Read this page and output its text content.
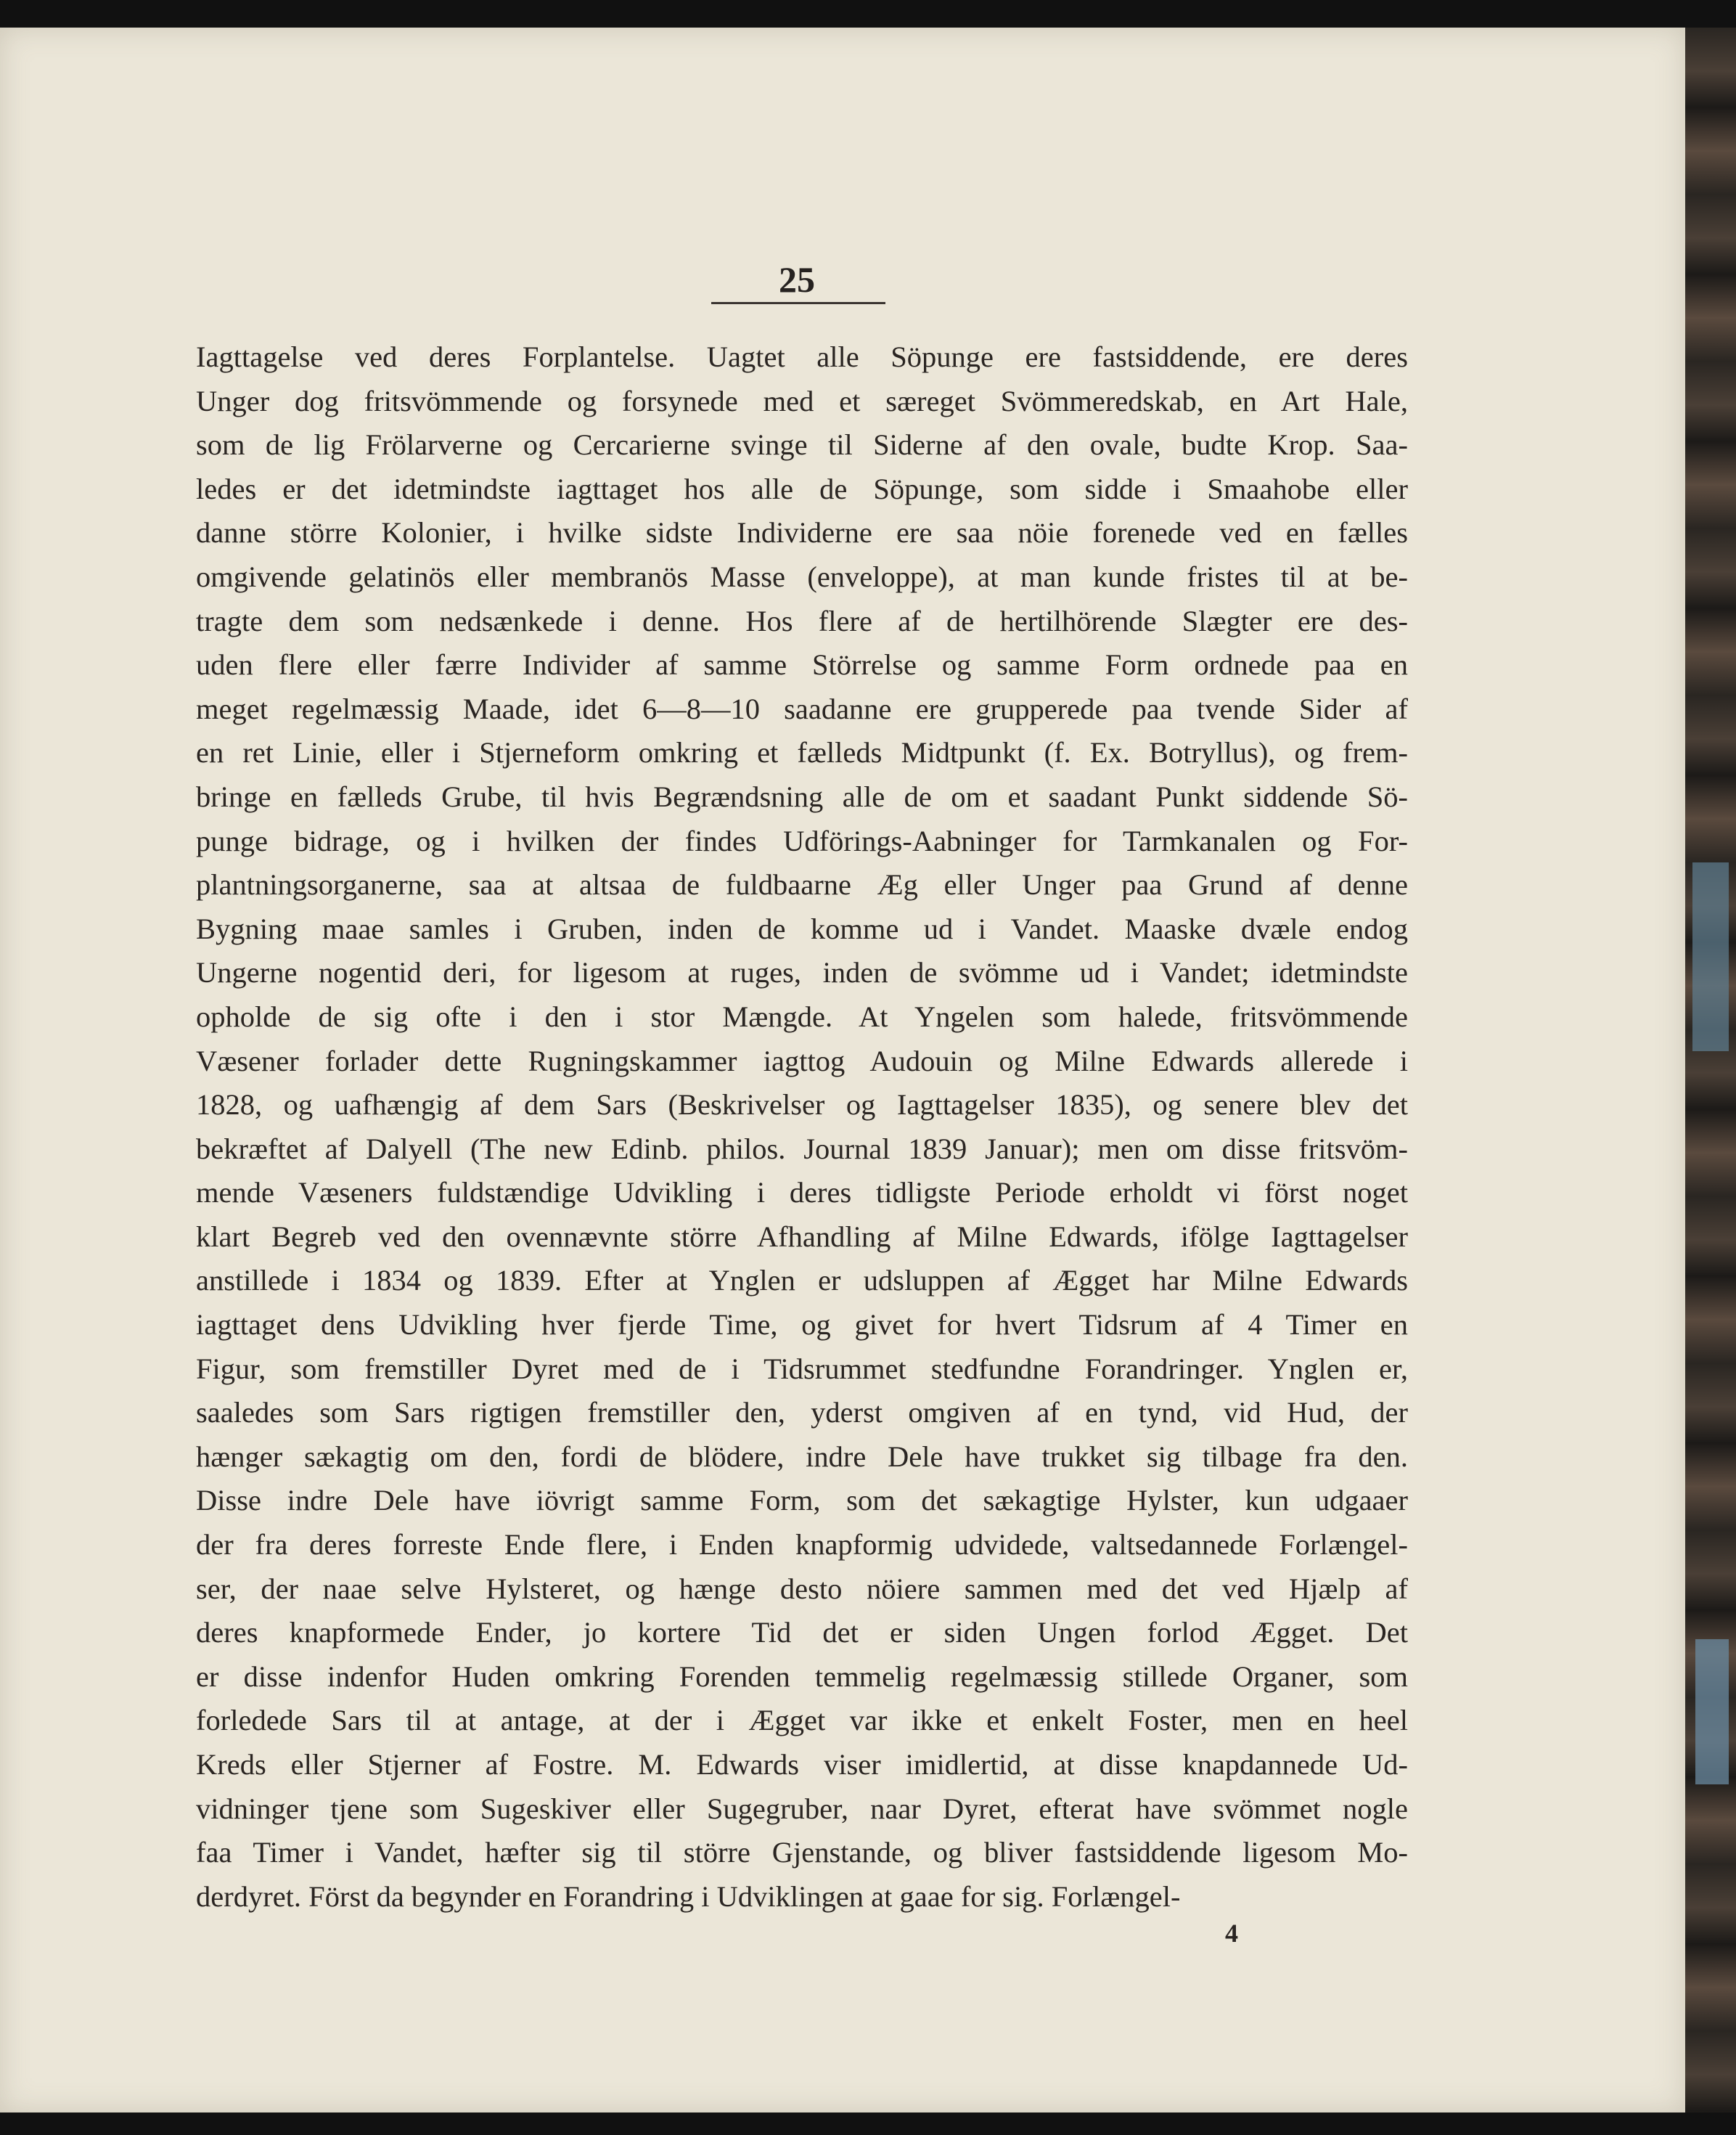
25
Iagttagelse ved deres Forplantelse. Uagtet alle Söpunge ere fastsiddende, ere deres
Unger dog fritsvömmende og forsynede med et særeget Svömmeredskab, en Art Hale,
som de lig Frölarverne og Cercarierne svinge til Siderne af den ovale, budte Krop. Saa-
ledes er det idetmindste iagttaget hos alle de Söpunge, som sidde i Smaahobe eller
danne större Kolonier, i hvilke sidste Individerne ere saa nöie forenede ved en fælles
omgivende gelatinös eller membranös Masse (enveloppe), at man kunde fristes til at be-
tragte dem som nedsænkede i denne. Hos flere af de hertilhörende Slægter ere des-
uden flere eller færre Individer af samme Störrelse og samme Form ordnede paa en
meget regelmæssig Maade, idet 6—8—10 saadanne ere grupperede paa tvende Sider af
en ret Linie, eller i Stjerneform omkring et fælleds Midtpunkt (f. Ex. Botryllus), og frem-
bringe en fælleds Grube, til hvis Begrændsning alle de om et saadant Punkt siddende Sö-
punge bidrage, og i hvilken der findes Udförings-Aabninger for Tarmkanalen og For-
plantningsorganerne, saa at altsaa de fuldbaarne Æg eller Unger paa Grund af denne
Bygning maae samles i Gruben, inden de komme ud i Vandet. Maaske dvæle endog
Ungerne nogentid deri, for ligesom at ruges, inden de svömme ud i Vandet; idetmindste
opholde de sig ofte i den i stor Mængde. At Yngelen som halede, fritsvömmende
Væsener forlader dette Rugningskammer iagttog Audouin og Milne Edwards allerede i
1828, og uafhængig af dem Sars (Beskrivelser og Iagttagelser 1835), og senere blev det
bekræftet af Dalyell (The new Edinb. philos. Journal 1839 Januar); men om disse fritsvöm-
mende Væseners fuldstændige Udvikling i deres tidligste Periode erholdt vi först noget
klart Begreb ved den ovennævnte större Afhandling af Milne Edwards, ifölge Iagttagelser
anstillede i 1834 og 1839. Efter at Ynglen er udsluppen af Ægget har Milne Edwards
iagttaget dens Udvikling hver fjerde Time, og givet for hvert Tidsrum af 4 Timer en
Figur, som fremstiller Dyret med de i Tidsrummet stedfundne Forandringer. Ynglen er,
saaledes som Sars rigtigen fremstiller den, yderst omgiven af en tynd, vid Hud, der
hænger sækagtig om den, fordi de blödere, indre Dele have trukket sig tilbage fra den.
Disse indre Dele have iövrigt samme Form, som det sækagtige Hylster, kun udgaaer
der fra deres forreste Ende flere, i Enden knapformig udvidede, valtsedannede Forlængel-
ser, der naae selve Hylsteret, og hænge desto nöiere sammen med det ved Hjælp af
deres knapformede Ender, jo kortere Tid det er siden Ungen forlod Ægget. Det
er disse indenfor Huden omkring Forenden temmelig regelmæssig stillede Organer, som
forledede Sars til at antage, at der i Ægget var ikke et enkelt Foster, men en heel
Kreds eller Stjerner af Fostre. M. Edwards viser imidlertid, at disse knapdannede Ud-
vidninger tjene som Sugeskiver eller Sugegruber, naar Dyret, efterat have svömmet nogle
faa Timer i Vandet, hæfter sig til större Gjenstande, og bliver fastsiddende ligesom Mo-
derdyret. Först da begynder en Forandring i Udviklingen at gaae for sig. Forlængel-
4
